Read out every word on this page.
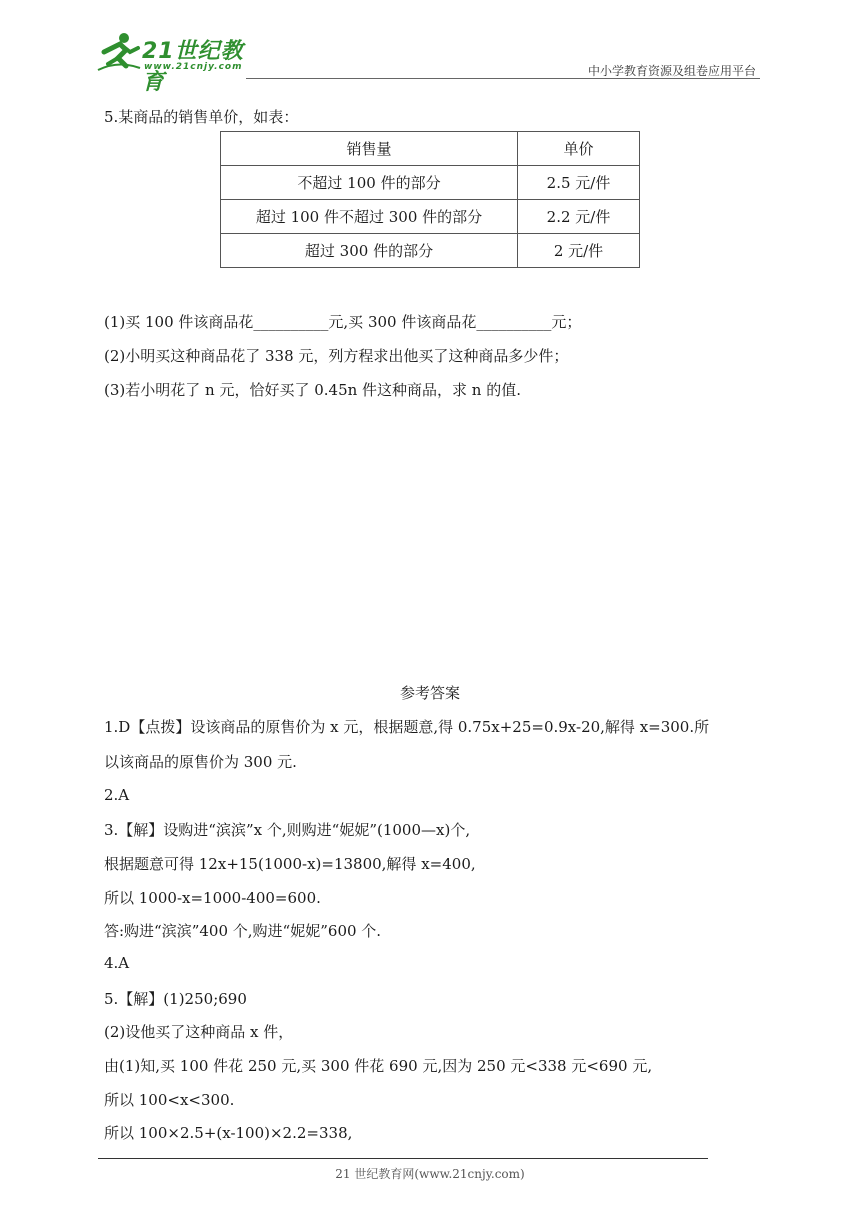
21世纪教育
www.21cnjy.com	中小学教育资源及组卷应用平台
5.某商品的销售单价，如表：
销售量	单价
不超过 100 件的部分	2.5 元/件
超过 100 件不超过 300 件的部分	2.2 元/件
超过 300 件的部分	2 元/件
(1)买 100 件该商品花__________元,买 300 件该商品花__________元；
(2)小明买这种商品花了 338 元，列方程求出他买了这种商品多少件；
(3)若小明花了 n 元，恰好买了 0.45n 件这种商品，求 n 的值.
参考答案
1.D【点拨】设该商品的原售价为 x 元，根据题意,得 0.75x+25=0.9x-20,解得 x=300.所
以该商品的原售价为 300 元.
2.A
3.【解】设购进“滨滨”x 个,则购进“妮妮”(1000—x)个,
根据题意可得 12x+15(1000-x)=13800,解得 x=400,
所以 1000-x=1000-400=600.
答:购进“滨滨”400 个,购进“妮妮”600 个.
4.A
5.【解】(1)250;690
(2)设他买了这种商品 x 件，
由(1)知,买 100 件花 250 元,买 300 件花 690 元,因为 250 元<338 元<690 元,
所以 100<x<300.
所以 100×2.5+(x-100)×2.2=338,
21 世纪教育网(www.21cnjy.com)
